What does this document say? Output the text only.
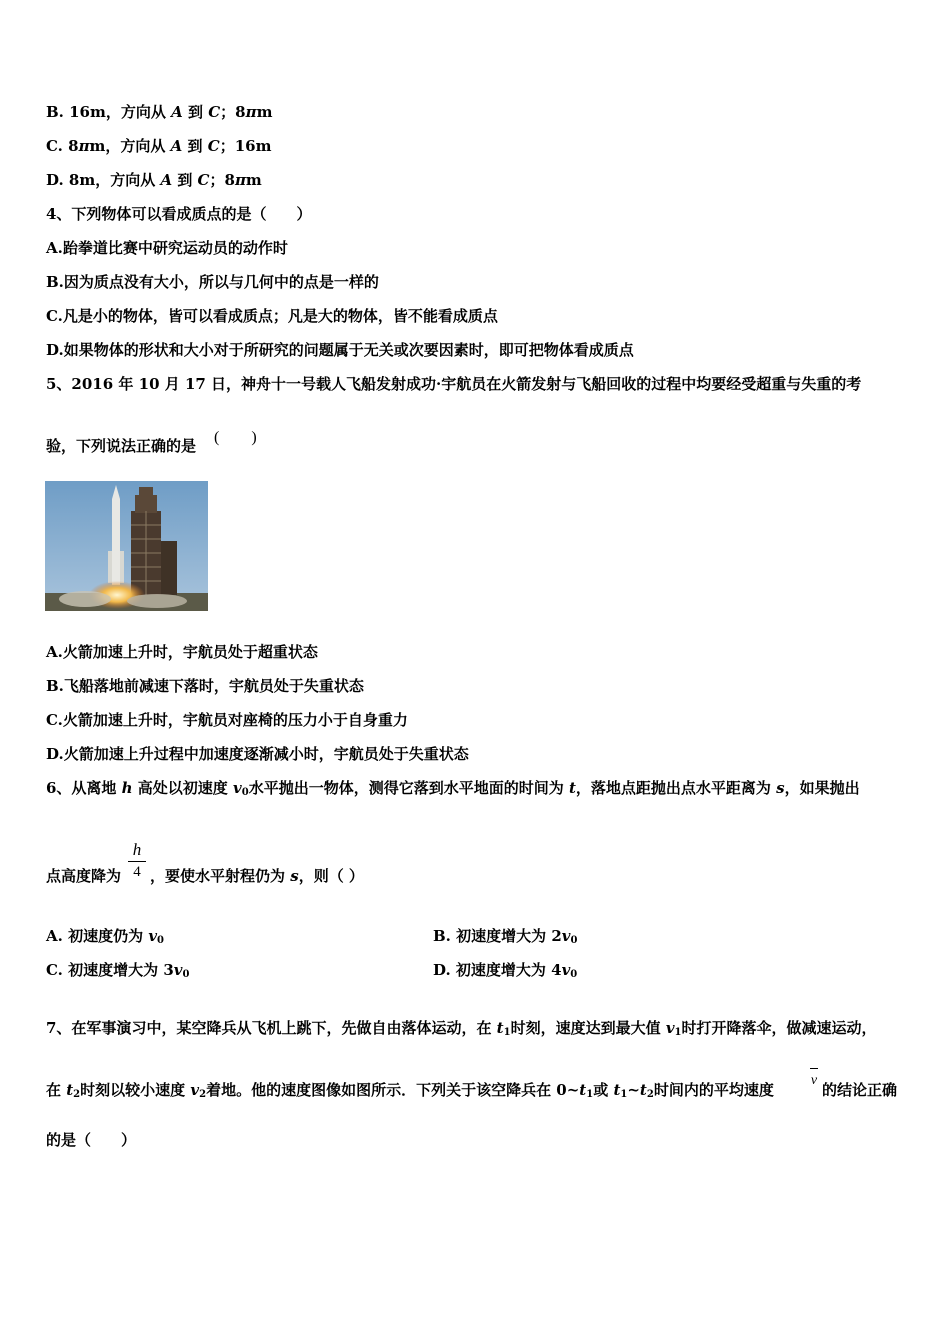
B. 16m，方向从 A 到 C；8πm
C. 8πm，方向从 A 到 C；16m
D. 8m，方向从 A 到 C；8πm
4、下列物体可以看成质点的是（　　）
A.跆拳道比赛中研究运动员的动作时
B.因为质点没有大小，所以与几何中的点是一样的
C.凡是小的物体，皆可以看成质点；凡是大的物体，皆不能看成质点
D.如果物体的形状和大小对于所研究的问题属于无关或次要因素时，即可把物体看成质点
5、2016 年 10 月 17 日，神舟十一号载人飞船发射成功·宇航员在火箭发射与飞船回收的过程中均要经受超重与失重的考
验，下列说法正确的是 (　　)
A.火箭加速上升时，宇航员处于超重状态
B.飞船落地前减速下落时，宇航员处于失重状态
C.火箭加速上升时，宇航员对座椅的压力小于自身重力
D.火箭加速上升过程中加速度逐渐减小时，宇航员处于失重状态
6、从离地 h 高处以初速度 $v_0$水平抛出一物体，测得它落到水平地面的时间为 t，落地点距抛出点水平距离为 s，如果抛出
h
4
点高度降为 ，要使水平射程仍为 s，则（ ）
A. 初速度仍为 $v_0$	B. 初速度增大为 $2v_0$
C. 初速度增大为 $3v_0$	D. 初速度增大为 $4v_0$
7、在军事演习中，某空降兵从飞机上跳下，先做自由落体运动，在 $t_1$时刻，速度达到最大值 $v_1$时打开降落伞，做减速运动，
在 $t_2$时刻以较小速度 $v_2$着地。他的速度图像如图所示．下列关于该空降兵在 $0\sim t_1$或 $t_1\sim t_2$时间内的平均速度
v
的结论正确
的是（　　）
